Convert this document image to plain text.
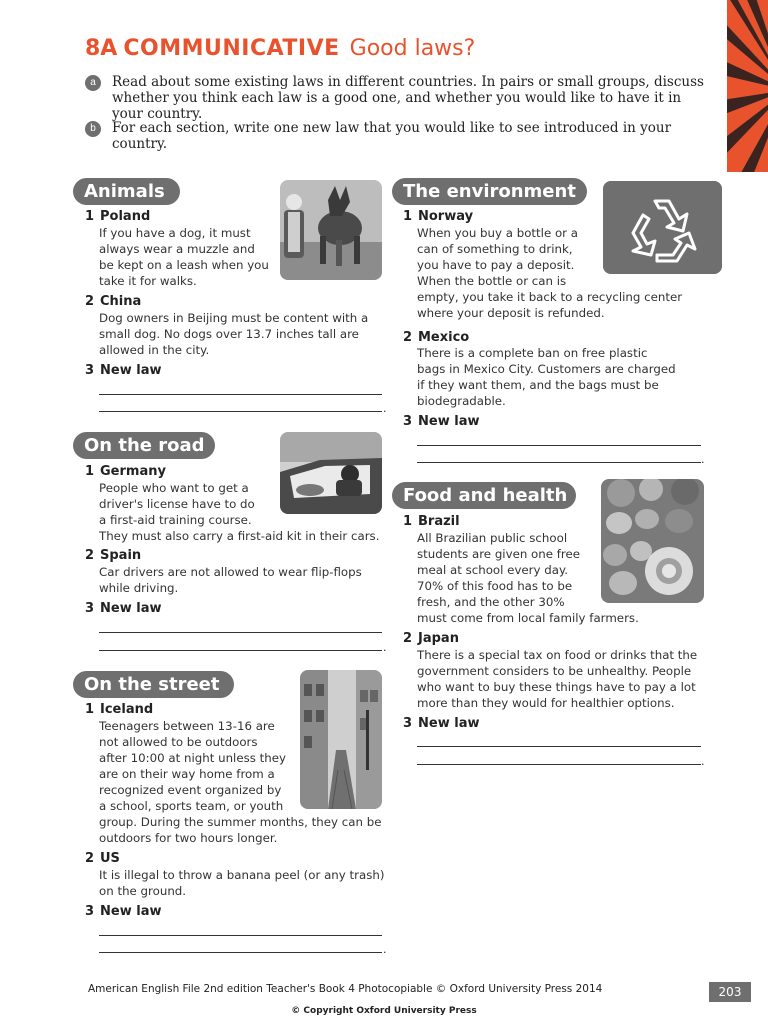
8A COMMUNICATIVE Good laws?
a	Read about some existing laws in different countries. In pairs or small groups, discuss whether you think each law is a good one, and whether you would like to have it in your country.
b	For each section, write one new law that you would like to see introduced in your country.
Animals
1 Poland
If you have a dog, it must
always wear a muzzle and
be kept on a leash when you
take it for walks.
2 China
Dog owners in Beijing must be content with a
small dog. No dogs over 13.7 inches tall are
allowed in the city.
3 New law
.
On the road
1 Germany
People who want to get a
driver's license have to do
a first-aid training course.
They must also carry a first-aid kit in their cars.
2 Spain
Car drivers are not allowed to wear flip-flops
while driving.
3 New law
.
On the street
1 Iceland
Teenagers between 13-16 are
not allowed to be outdoors
after 10:00 at night unless they
are on their way home from a
recognized event organized by
a school, sports team, or youth
group. During the summer months, they can be
outdoors for two hours longer.
2 US
It is illegal to throw a banana peel (or any trash)
on the ground.
3 New law
.
The environment
1 Norway
When you buy a bottle or a
can of something to drink,
you have to pay a deposit.
When the bottle or can is
empty, you take it back to a recycling center
where your deposit is refunded.
2 Mexico
There is a complete ban on free plastic
bags in Mexico City. Customers are charged
if they want them, and the bags must be
biodegradable.
3 New law
.
Food and health
1 Brazil
All Brazilian public school
students are given one free
meal at school every day.
70% of this food has to be
fresh, and the other 30%
must come from local family farmers.
2 Japan
There is a special tax on food or drinks that the
government considers to be unhealthy. People
who want to buy these things have to pay a lot
more than they would for healthier options.
3 New law
.
American English File 2nd edition Teacher's Book 4 Photocopiable © Oxford University Press 2014	203
© Copyright Oxford University Press
